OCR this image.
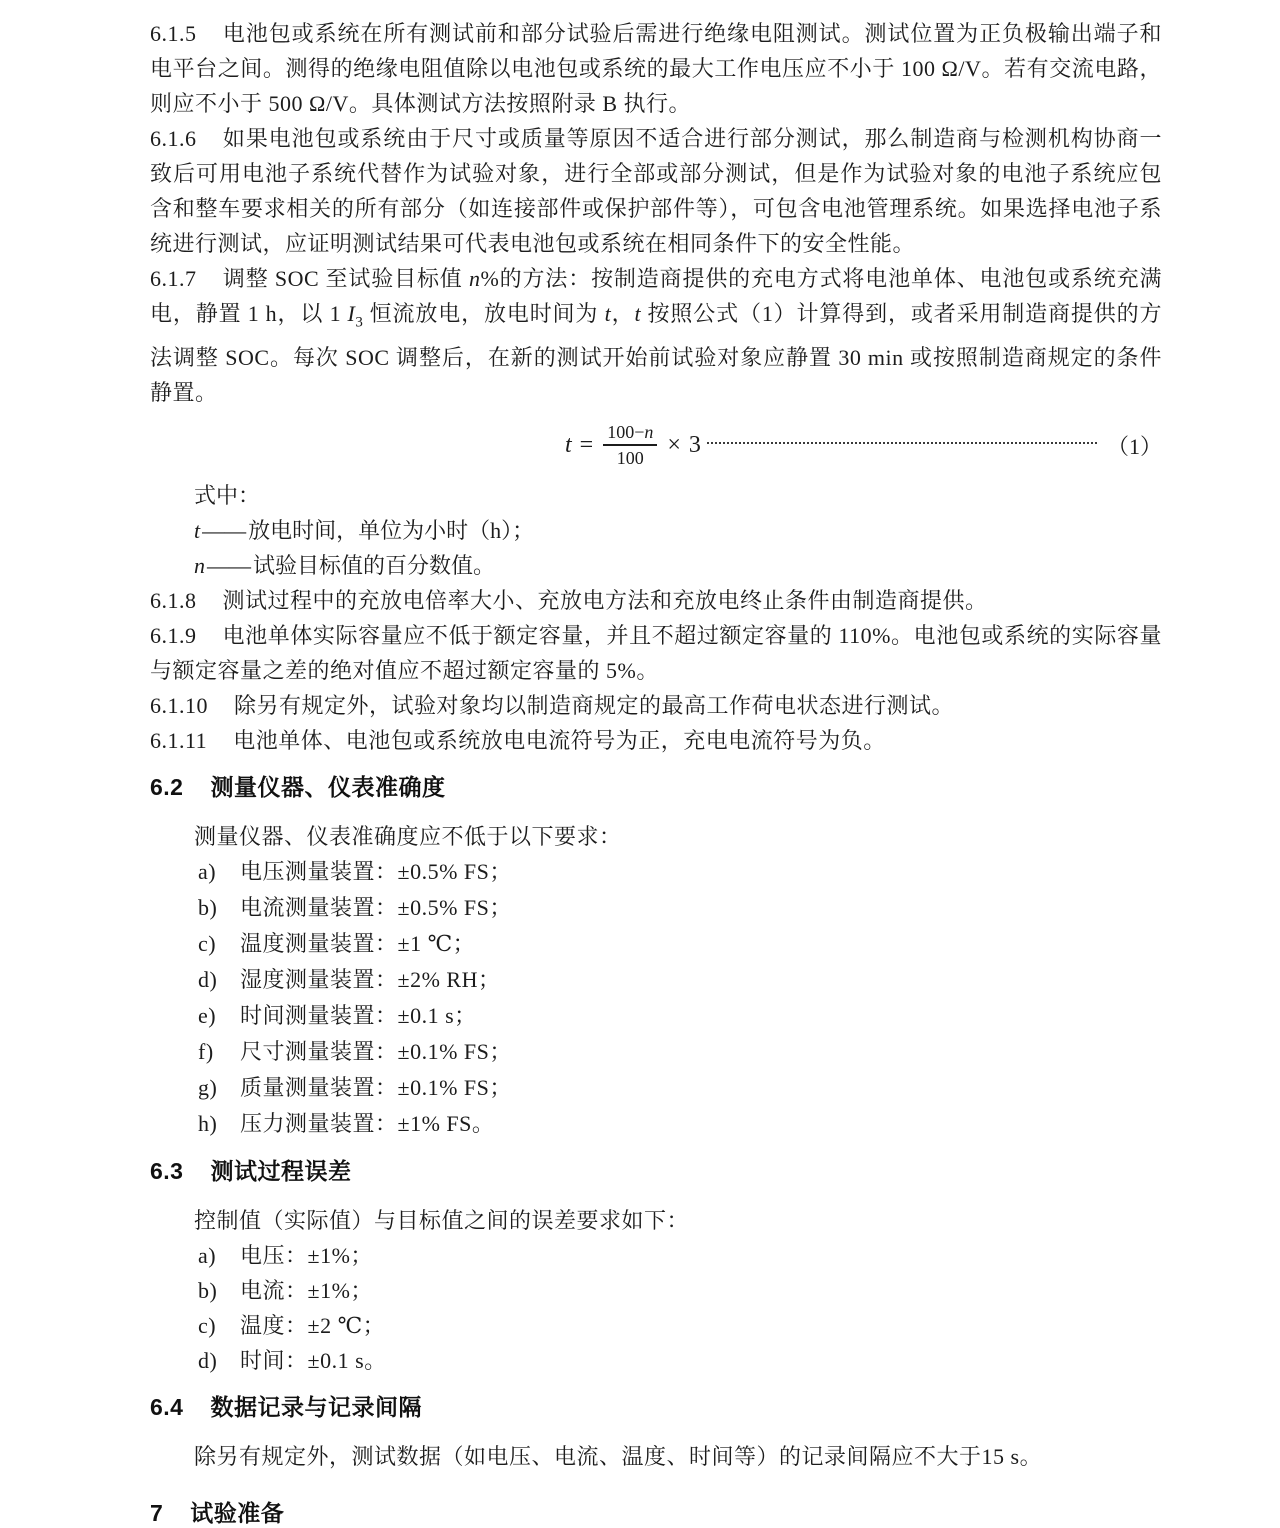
6.1.5 电池包或系统在所有测试前和部分试验后需进行绝缘电阻测试。测试位置为正负极输出端子和电平台之间。测得的绝缘电阻值除以电池包或系统的最大工作电压应不小于 100 Ω/V。若有交流电路，则应不小于 500 Ω/V。具体测试方法按照附录 B 执行。

6.1.6 如果电池包或系统由于尺寸或质量等原因不适合进行部分测试，那么制造商与检测机构协商一致后可用电池子系统代替作为试验对象，进行全部或部分测试，但是作为试验对象的电池子系统应包含和整车要求相关的所有部分（如连接部件或保护部件等），可包含电池管理系统。如果选择电池子系统进行测试，应证明测试结果可代表电池包或系统在相同条件下的安全性能。

6.1.7 调整 SOC 至试验目标值 n%的方法：按制造商提供的充电方式将电池单体、电池包或系统充满电，静置 1 h，以 1 $I_3$ 恒流放电，放电时间为 t，t 按照公式（1）计算得到，或者采用制造商提供的方法调整 SOC。每次 SOC 调整后，在新的测试开始前试验对象应静置 30 min 或按照制造商规定的条件静置。

$t = \frac{100-n}{100} \times 3$	（1）

式中：

t——放电时间，单位为小时（h）；

n——试验目标值的百分数值。

6.1.8 测试过程中的充放电倍率大小、充放电方法和充放电终止条件由制造商提供。

6.1.9 电池单体实际容量应不低于额定容量，并且不超过额定容量的 110%。电池包或系统的实际容量与额定容量之差的绝对值应不超过额定容量的 5%。

6.1.10 除另有规定外，试验对象均以制造商规定的最高工作荷电状态进行测试。

6.1.11 电池单体、电池包或系统放电电流符号为正，充电电流符号为负。

6.2 测量仪器、仪表准确度

测量仪器、仪表准确度应不低于以下要求：

a)	电压测量装置：±0.5% FS；
b)	电流测量装置：±0.5% FS；
c)	温度测量装置：±1 ℃；
d)	湿度测量装置：±2% RH；
e)	时间测量装置：±0.1 s；
f)	尺寸测量装置：±0.1% FS；
g)	质量测量装置：±0.1% FS；
h)	压力测量装置：±1% FS。
6.3 测试过程误差

控制值（实际值）与目标值之间的误差要求如下：

a)	电压：±1%；
b)	电流：±1%；
c)	温度：±2 ℃；
d)	时间：±0.1 s。
6.4 数据记录与记录间隔

除另有规定外，测试数据（如电压、电流、温度、时间等）的记录间隔应不大于15 s。

7 试验准备
